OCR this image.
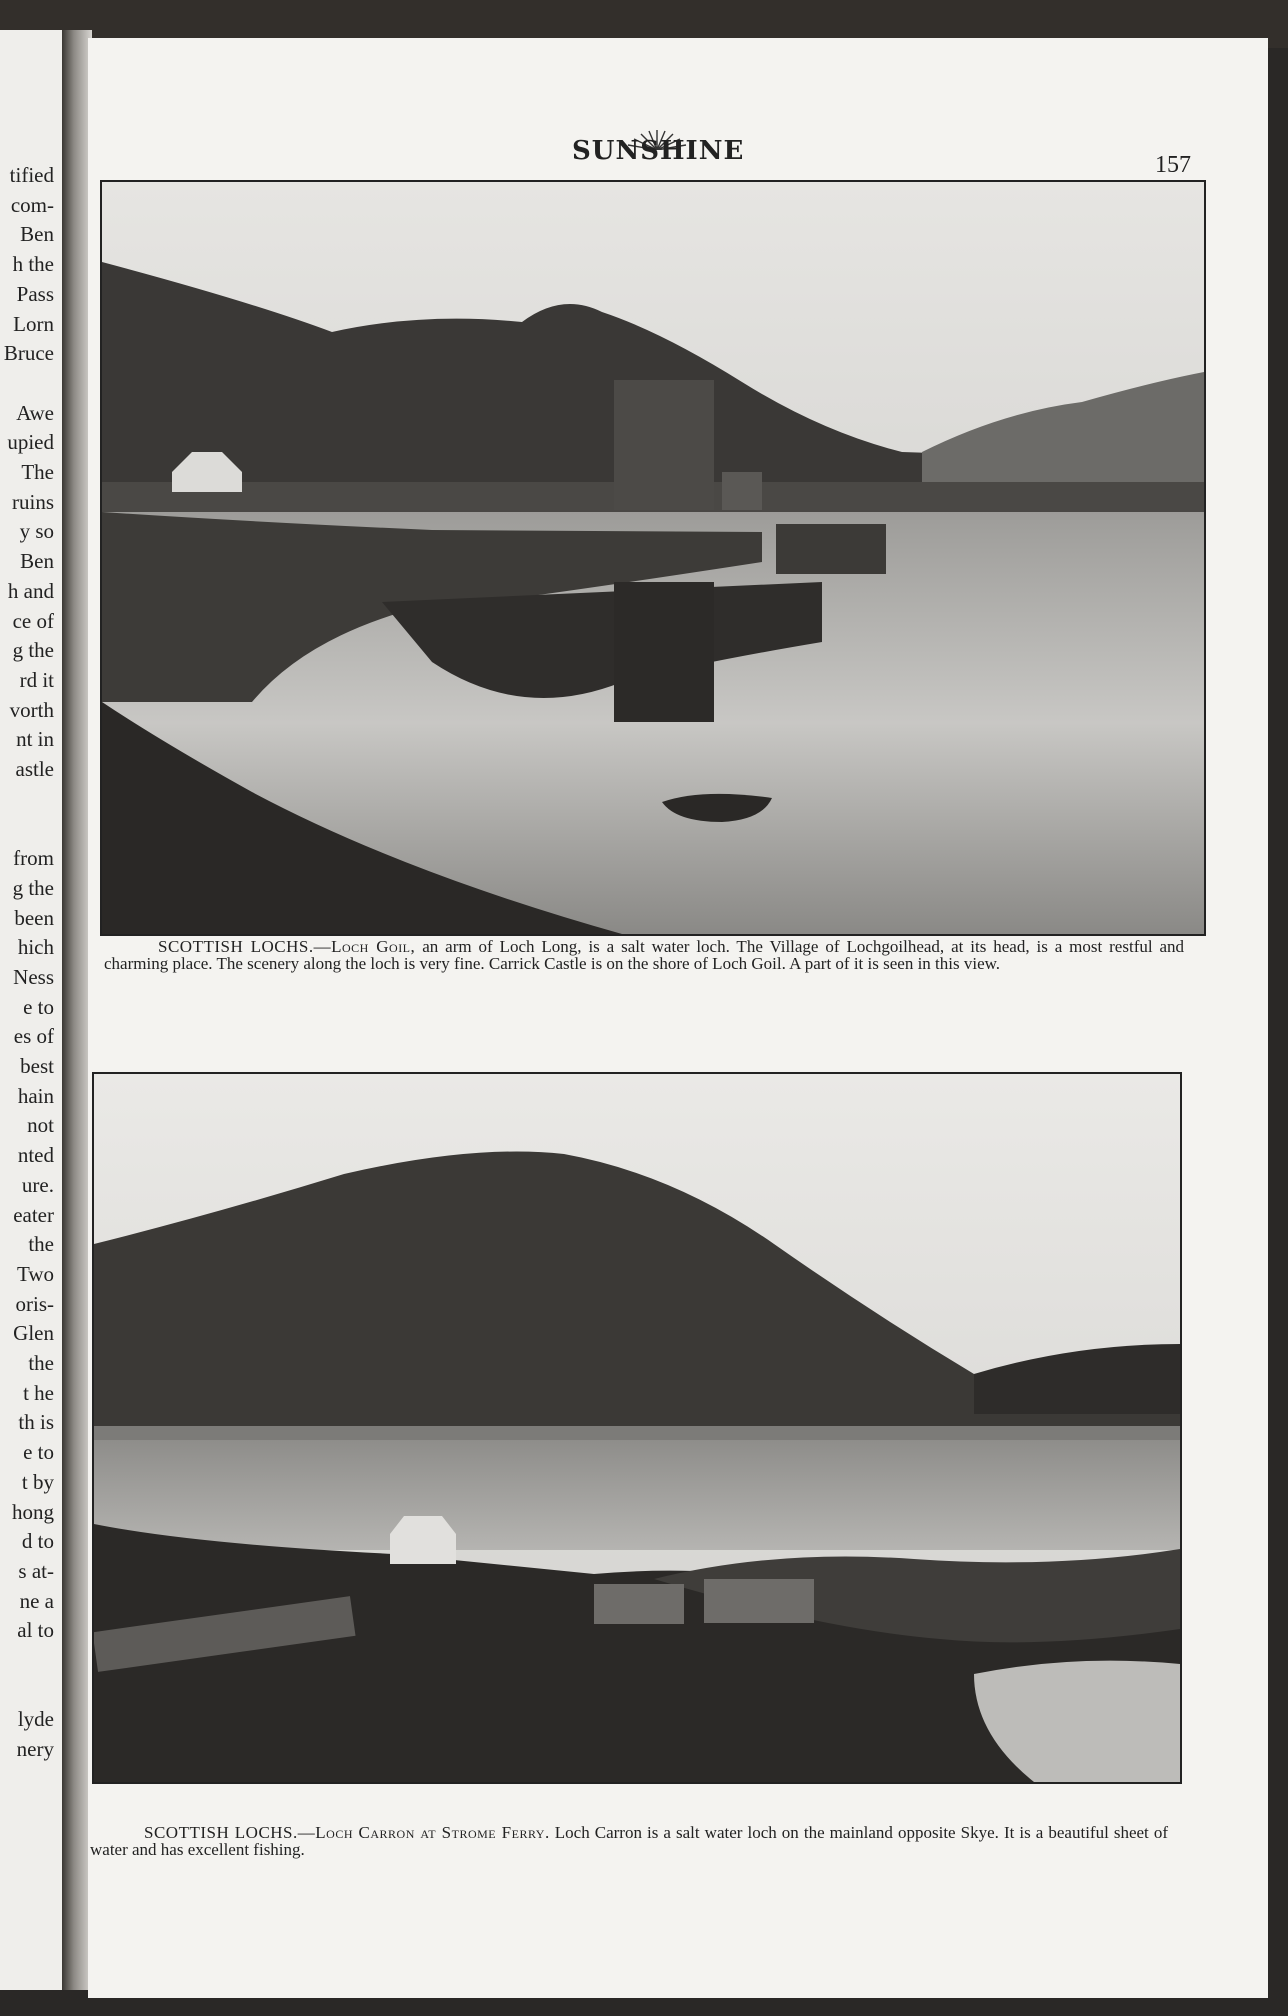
tified
com-
Ben
h the
Pass
Lorn
Bruce
Awe
upied
The
ruins
y so
Ben
h and
ce of
g the
rd it
vorth
nt in
astle
from
g the
been
hich
Ness
e to
es of
best
hain
not
nted
ure.
eater
the
Two
oris-
Glen
the
t he
th is
e to
t by
hong
d to
s at-
ne a
al to
lyde
nery
SUNSHINE	157
SCOTTISH LOCHS.—Loch Goil, an arm of Loch Long, is a salt water loch. The Village of Lochgoilhead, at its head, is a most restful and charming place. The scenery along the loch is very fine. Carrick Castle is on the shore of Loch Goil. A part of it is seen in this view.
SCOTTISH LOCHS.—Loch Carron at Strome Ferry. Loch Carron is a salt water loch on the mainland opposite Skye. It is a beautiful sheet of water and has excellent fishing.
